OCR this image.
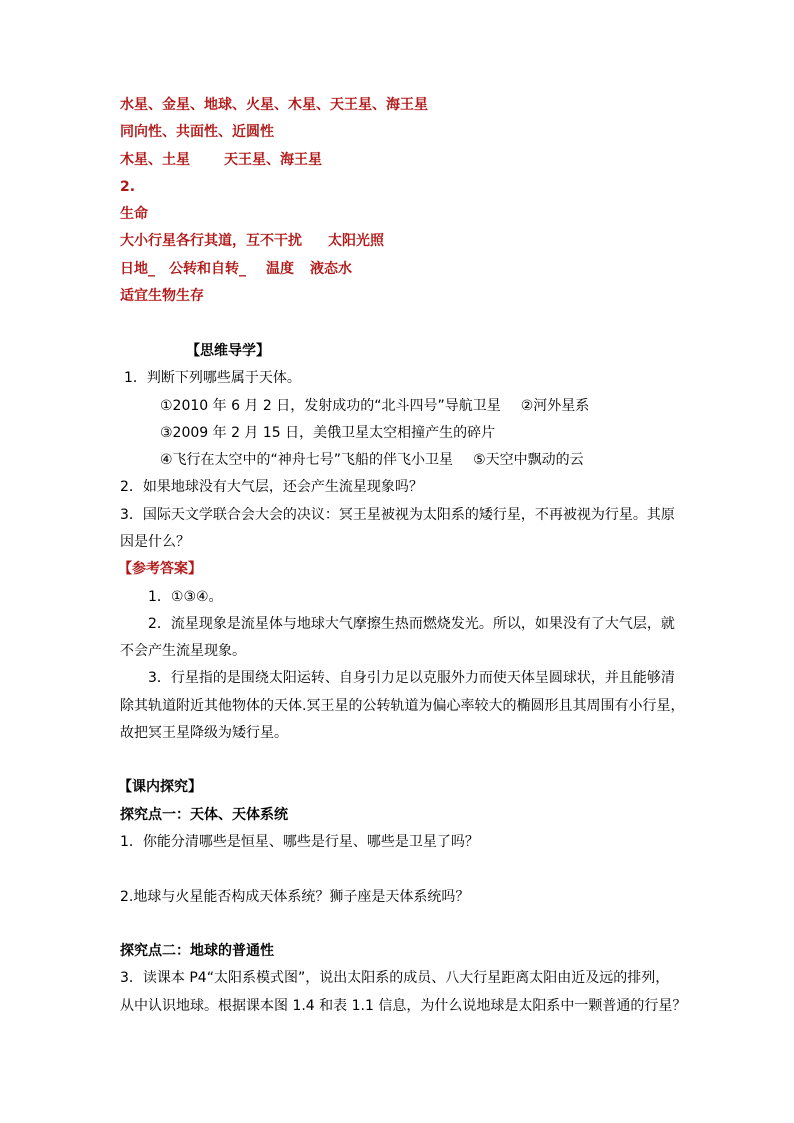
水星、金星、地球、火星、木星、天王星、海王星
同向性、共面性、近圆性
木星、土星 天王星、海王星
2.
生命
大小行星各行其道，互不干扰 太阳光照
日地_ 公转和自转_ 温度 液态水
适宜生物生存
【思维导学】
1．判断下列哪些属于天体。
①2010 年 6 月 2 日，发射成功的“北斗四号”导航卫星 ②河外星系
③2009 年 2 月 15 日，美俄卫星太空相撞产生的碎片
④飞行在太空中的“神舟七号”飞船的伴飞小卫星 ⑤天空中飘动的云
2．如果地球没有大气层，还会产生流星现象吗？
3．国际天文学联合会大会的决议：冥王星被视为太阳系的矮行星，不再被视为行星。其原
因是什么？
【参考答案】
1．①③④。
2．流星现象是流星体与地球大气摩擦生热而燃烧发光。所以，如果没有了大气层，就
不会产生流星现象。
3．行星指的是围绕太阳运转、自身引力足以克服外力而使天体呈圆球状，并且能够清
除其轨道附近其他物体的天体.冥王星的公转轨道为偏心率较大的椭圆形且其周围有小行星，
故把冥王星降级为矮行星。
【课内探究】
探究点一：天体、天体系统
1．你能分清哪些是恒星、哪些是行星、哪些是卫星了吗？
2.地球与火星能否构成天体系统？狮子座是天体系统吗？
探究点二：地球的普通性
3．读课本 P4“太阳系模式图”，说出太阳系的成员、八大行星距离太阳由近及远的排列，
从中认识地球。根据课本图 1.4 和表 1.1 信息，为什么说地球是太阳系中一颗普通的行星？
